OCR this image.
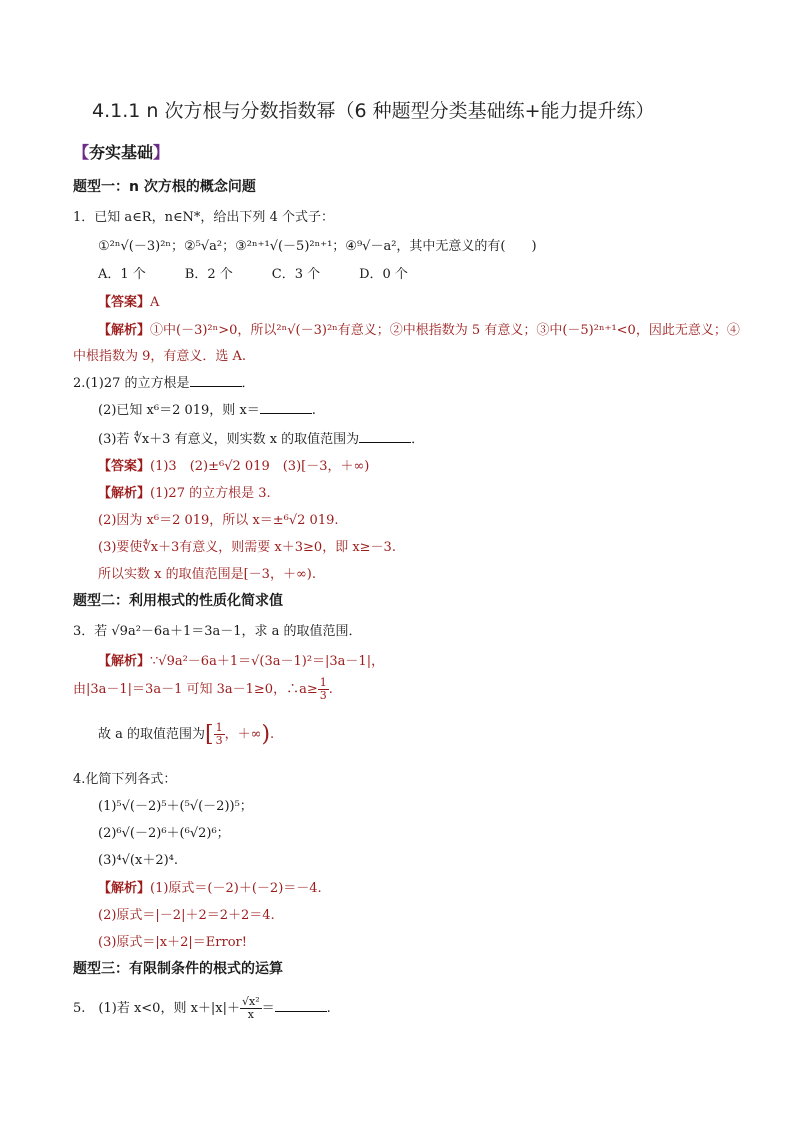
4.1.1 n 次方根与分数指数幂（6 种题型分类基础练+能力提升练）
【夯实基础】
题型一：n 次方根的概念问题
1．已知 a∈R，n∈N*，给出下列 4 个式子：
①²ⁿ√(－3)²ⁿ；②⁵√a²；③²ⁿ⁺¹√(－5)²ⁿ⁺¹；④⁹√－a²，其中无意义的有(　　)
A．1 个　　　B．2 个　　　C．3 个　　　D．0 个
【答案】A
【解析】①中(－3)²ⁿ>0，所以²ⁿ√(－3)²ⁿ有意义；②中根指数为 5 有意义；③中(－5)²ⁿ⁺¹<0，因此无意义；④
中根指数为 9，有意义．选 A.
2.(1)27 的立方根是	．
(2)已知 x⁶＝2 019，则 x＝	.
(3)若 ∜x＋3 有意义，则实数 x 的取值范围为	．
【答案】(1)3　(2)±⁶√2 019　(3)[－3，＋∞)
【解析】(1)27 的立方根是 3.
(2)因为 x⁶＝2 019，所以 x＝±⁶√2 019.
(3)要使∜x＋3有意义，则需要 x＋3≥0，即 x≥－3.
所以实数 x 的取值范围是[－3，＋∞).
题型二：利用根式的性质化简求值
3．若 √9a²－6a＋1＝3a－1，求 a 的取值范围．
【解析】∵√9a²－6a＋1＝√(3a－1)²＝|3a－1|，
由|3a－1|＝3a－1 可知 3a－1≥0，∴a≥ $\frac{1}{3}$ .
故 a 的取值范围为[ $\frac{1}{3}$ ，＋∞).
4.化简下列各式：
(1)⁵√(－2)⁵＋(⁵√(－2))⁵；
(2)⁶√(－2)⁶＋(⁶√2)⁶；
(3)⁴√(x＋2)⁴.
【解析】(1)原式＝(－2)＋(－2)＝－4.
(2)原式＝|－2|＋2＝2＋2＝4.
(3)原式＝|x＋2|＝Error!
题型三：有限制条件的根式的运算
5.　(1)若 x<0，则 $x+|x|+ \frac{\text{√x²}}{x}$ ＝	.
